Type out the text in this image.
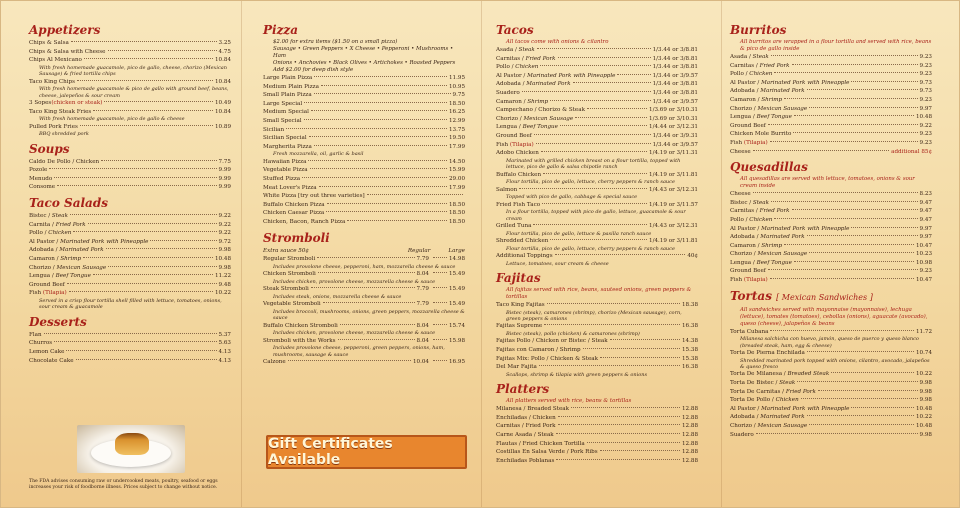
Appetizers
Chips & Salsa	3.25
Chips & Salsa with Cheese	4.75
Chips Al Mexicano	10.84
With fresh homemade guacamole, pico de gallo, cheese, chorizo (Mexican Sausage) & fried tortilla chips
Taco King Chips	10.84
With fresh homemade guacamole & pico de gallo with ground beef, beans, cheese, jalepeños & sour cream
3 Sopes(chicken or steak)	10.49
Taco King Steak Fries	10.84
With fresh homemade guacamole, pico de gallo & cheese
Pulled Pork Fries	10.89
BBQ shredded pork
Soups
Caldo De Pollo / Chicken	7.75
Pozole	9.99
Menudo	9.99
Consome	9.99
Taco Salads
Bistec / Steak	9.22
Carnita / Fried Pork	9.22
Pollo / Chicken	9.22
Al Pastor / Marinated Pork with Pineapple	9.72
Adobada / Marinated Pork	9.98
Camaron / Shrimp	10.48
Chorizo / Mexican Sausage	9.98
Lengua / Beef Tongue	11.22
Ground Beef	9.48
Fish (Tilapia)	10.22
Served in a crisp flour tortilla shell filled with lettuce, tomatoes, onions, sour cream & guacamole
Desserts
Flan	5.37
Churros	5.63
Lemon Cake	4.13
Chocolate Cake	4.13
The FDA advises consuming raw or undercooked meats, poultry, seafood or eggs increases your risk of foodborne illness. Prices subject to change without notice.
Pizza
$2.00 for extra items ($1.50 on a small pizza)
Sausage • Green Peppers • X Cheese • Pepperoni • Mushrooms • Ham
Onions • Anchovies • Black Olives • Artichokes • Roasted Peppers
Add $2.00 for deep dish style
Large Plain Pizza	11.95
Medium Plain Pizza	10.95
Small Plain Pizza	9.75
Large Special	18.50
Medium Special	16.25
Small Special	12.99
Sicilian	13.75
Sicilian Special	19.50
Margherita Pizza	17.99
Fresh mozzarella, oil, garlic & basil
Hawaiian Pizza	14.50
Vegetable Pizza	15.99
Stuffed Pizza	29.00
Meat Lover's Pizza	17.99
White Pizza [try out three varieties]
Buffalo Chicken Pizza	18.50
Chicken Caesar Pizza	18.50
Chicken, Bacon, Ranch Pizza	18.50
Stromboli
Extra sauce 50¢	Regular	Large
Regular Stromboli	7.79	14.98
Includes provolone cheese, pepperoni, ham, mozzarella cheese & sauce
Chicken Stromboli	8.04	15.49
Includes chicken, provolone cheese, mozzarella cheese & sauce
Steak Stromboli	7.79	15.49
Includes steak, onions, mozzarella cheese & sauce
Vegetable Stromboli	7.79	15.49
Includes broccoli, mushrooms, onions, green peppers, mozzarella cheese & sauce
Buffalo Chicken Stromboli	8.04	15.74
Includes chicken, provolone cheese, mozzarella cheese & sauce
Stromboli with the Works	8.04	15.98
Includes provolone cheese, pepperoni, green peppers, onions, ham, mushrooms, sausage & sauce
Calzone	10.04	16.95
Gift Certificates Available
Tacos
All tacos come with onions & cilantro
Asada / Steak	1/3.44 or 3/8.81
Carnitas / Fried Pork	1/3.44 or 3/8.81
Pollo / Chicken	1/3.44 or 3/8.81
Al Pastor / Marinated Pork with Pineapple	1/3.44 or 3/9.57
Adobada / Marinated Pork	1/3.44 or 3/8.81
Suadero	1/3.44 or 3/8.81
Camaron / Shrimp	1/3.44 or 3/9.57
Campechano / Chorizo & Steak	1/3.69 or 3/10.31
Chorizo / Mexican Sausage	1/3.69 or 3/10.31
Lengua / Beef Tongue	1/4.44 or 3/12.31
Ground Beef	1/3.44 or 3/9.31
Fish (Tilapia)	1/3.44 or 3/9.57
Adobo Chicken	1/4.19 or 3/11.31
Marinated with grilled chicken breast on a flour tortilla, topped with lettuce, pico de gallo & salsa chipotle ranch
Buffalo Chicken	1/4.19 or 3/11.81
Flour tortilla, pico de gallo, lettuce, cherry peppers & ranch sauce
Salmon	1/4.43 or 3/12.31
Topped with pico de gallo, cabbage & special sauce
Fried Fish Taco	1/4.19 or 3/11.57
In a flour tortilla, topped with pico de gallo, lettuce, guacamole & sour cream
Grilled Tuna	1/4.43 or 3/12.31
Flour tortilla, pico de gallo, lettuce & pasilla ranch sauce
Shredded Chicken	1/4.19 or 3/11.81
Flour tortilla, pico de gallo, lettuce, cherry peppers & ranch sauce
Additional Toppings	40¢
Lettuce, tomatoes, sour cream & cheese
Fajitas
All fajitas served with rice, beans, sauteed onions, green peppers & tortillas
Taco King Fajitas	18.38
Bistec (steak), camarones (shrimp), chorizo (Mexican sausage), corn, green peppers & onions
Fajitas Supreme	16.38
Bistec (steak), pollo (chicken) & camarones (shrimp)
Fajitas Pollo / Chicken or Bistec / Steak	14.38
Fajitas con Camaron / Shrimp	15.38
Fajitas Mix: Pollo / Chicken & Steak	15.38
Del Mar Fajita	16.38
Scallops, shrimp & tilapia with green peppers & onions
Platters
All platters served with rice, beans & tortillas
Milanesa / Breaded Steak	12.88
Enchiladas / Chicken	12.88
Carnitas / Fried Pork	12.88
Carne Asada / Steak	12.88
Flautas / Fried Chicken Tortilla	12.88
Costillas En Salsa Verde / Pork Ribs	12.88
Enchiladas Poblanas	12.88
Burritos
All burritos are wrapped in a flour tortilla and served with rice, beans & pico de gallo inside
Asada / Steak	9.23
Carnitas / Fried Pork	9.23
Pollo / Chicken	9.23
Al Pastor / Marinated Pork with Pineapple	9.73
Adobada / Marinated Pork	9.73
Camaron / Shrimp	9.23
Chorizo / Mexican Sausage	9.97
Lengua / Beef Tongue	10.48
Ground Beef	9.22
Chicken Mole Burrito	9.23
Fish (Tilapia)	9.23
Cheese	additional 85¢
Quesadillas
All quesadillas are served with lettuce, tomatoes, onions & sour cream inside
Cheese	8.23
Bistec / Steak	9.47
Carnitas / Fried Pork	9.47
Pollo / Chicken	9.47
Al Pastor / Marinated Pork with Pineapple	9.97
Adobada / Marinated Pork	9.97
Camaron / Shrimp	10.47
Chorizo / Mexican Sausage	10.23
Lengua / Beef Tongue	10.98
Ground Beef	9.23
Fish (Tilapia)	10.47
Tortas [ Mexican Sandwiches ]
All sandwiches served with mayonnaise (mayonnaise), lechuga (lettuce), tomates (tomatoes), cebollas (onions), aguacate (avocado), queso (cheese), jalapeños & beans
Torta Cubana	11.72
Milanesa salchicha con huevo, jamón, queso de puerco y queso blanco (breaded steak, ham, egg & cheese)
Torta De Pierna Enchilada	10.74
Shredded marinated pork topped with onions, cilantro, avocado, jalapeños & queso fresco
Torta De Milanesa / Breaded Steak	10.22
Torta De Bistec / Steak	9.98
Torta De Carnitas / Fried Pork	9.98
Torta De Pollo / Chicken	9.98
Al Pastor / Marinated Pork with Pineapple	10.48
Adobada / Marinated Pork	10.22
Chorizo / Mexican Sausage	10.48
Suadero	9.98
